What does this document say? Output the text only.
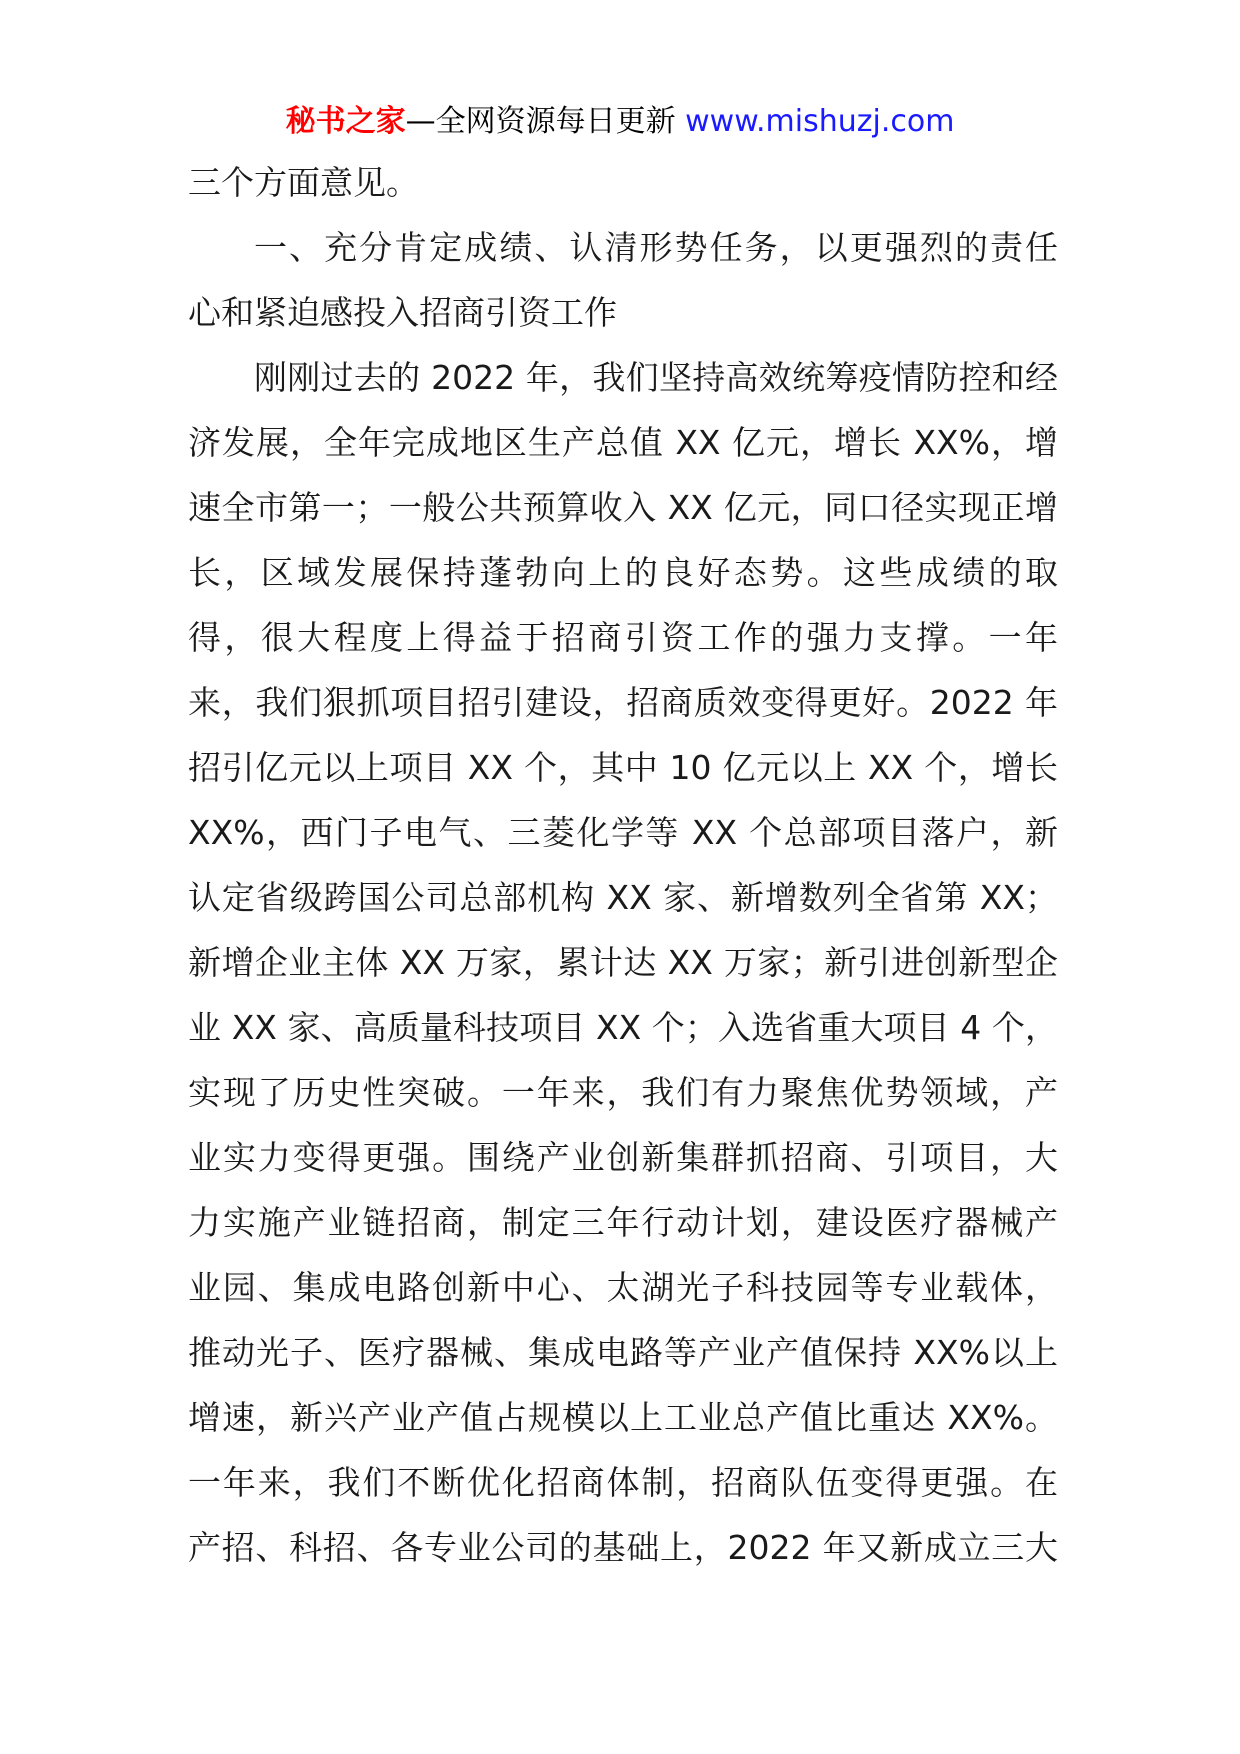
秘书之家—全网资源每日更新 www.mishuzj.com
三个方面意见。
一、充分肯定成绩、认清形势任务，以更强烈的责任
心和紧迫感投入招商引资工作
刚刚过去的 2022 年，我们坚持高效统筹疫情防控和经
济发展，全年完成地区生产总值 XX 亿元，增长 XX%，增
速全市第一；一般公共预算收入 XX 亿元，同口径实现正增
长，区域发展保持蓬勃向上的良好态势。这些成绩的取
得，很大程度上得益于招商引资工作的强力支撑。一年
来，我们狠抓项目招引建设，招商质效变得更好。2022 年
招引亿元以上项目 XX 个，其中 10 亿元以上 XX 个，增长
XX%，西门子电气、三菱化学等 XX 个总部项目落户，新
认定省级跨国公司总部机构 XX 家、新增数列全省第 XX；
新增企业主体 XX 万家，累计达 XX 万家；新引进创新型企
业 XX 家、高质量科技项目 XX 个；入选省重大项目 4 个，
实现了历史性突破。一年来，我们有力聚焦优势领域，产
业实力变得更强。围绕产业创新集群抓招商、引项目，大
力实施产业链招商，制定三年行动计划，建设医疗器械产
业园、集成电路创新中心、太湖光子科技园等专业载体，
推动光子、医疗器械、集成电路等产业产值保持 XX%以上
增速，新兴产业产值占规模以上工业总产值比重达 XX%。
一年来，我们不断优化招商体制，招商队伍变得更强。在
产招、科招、各专业公司的基础上，2022 年又新成立三大
